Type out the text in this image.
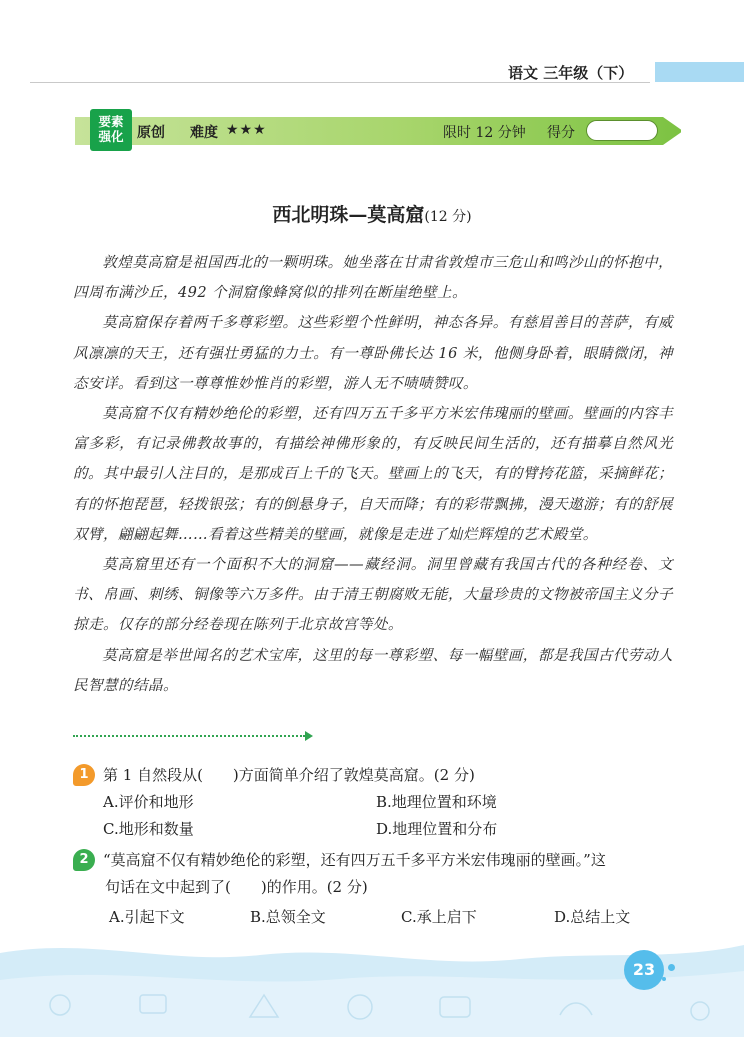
语文 三年级（下）
要素
强化 原创 难度 ★★★	限时 12 分钟 得分
西北明珠—莫高窟(12 分)

敦煌莫高窟是祖国西北的一颗明珠。她坐落在甘肃省敦煌市三危山和鸣沙山的怀抱中，四周布满沙丘，492 个洞窟像蜂窝似的排列在断崖绝壁上。

莫高窟保存着两千多尊彩塑。这些彩塑个性鲜明，神态各异。有慈眉善目的菩萨，有威风凛凛的天王，还有强壮勇猛的力士。有一尊卧佛长达 16 米，他侧身卧着，眼睛微闭，神态安详。看到这一尊尊惟妙惟肖的彩塑，游人无不啧啧赞叹。

莫高窟不仅有精妙绝伦的彩塑，还有四万五千多平方米宏伟瑰丽的壁画。壁画的内容丰富多彩，有记录佛教故事的，有描绘神佛形象的，有反映民间生活的，还有描摹自然风光的。其中最引人注目的，是那成百上千的飞天。壁画上的飞天，有的臂挎花篮，采摘鲜花；有的怀抱琵琶，轻拨银弦；有的倒悬身子，自天而降；有的彩带飘拂，漫天遨游；有的舒展双臂，翩翩起舞……看着这些精美的壁画，就像是走进了灿烂辉煌的艺术殿堂。

莫高窟里还有一个面积不大的洞窟——藏经洞。洞里曾藏有我国古代的各种经卷、文书、帛画、刺绣、铜像等六万多件。由于清王朝腐败无能，大量珍贵的文物被帝国主义分子掠走。仅存的部分经卷现在陈列于北京故宫等处。

莫高窟是举世闻名的艺术宝库，这里的每一尊彩塑、每一幅壁画，都是我国古代劳动人民智慧的结晶。

1 第 1 自然段从(　　)方面简单介绍了敦煌莫高窟。(2 分)
A.评价和地形	B.地理位置和环境
C.地形和数量	D.地理位置和分布
2 “莫高窟不仅有精妙绝伦的彩塑，还有四万五千多平方米宏伟瑰丽的壁画。”这
句话在文中起到了(　　)的作用。(2 分)
A.引起下文	B.总领全文	C.承上启下	D.总结上文
23
